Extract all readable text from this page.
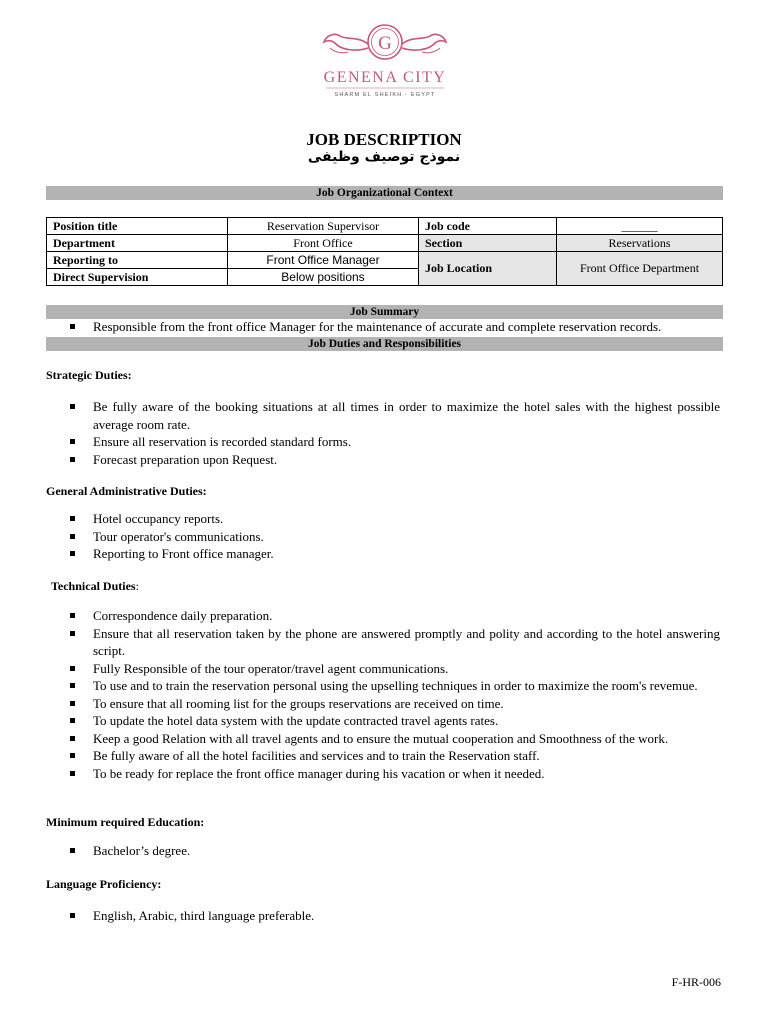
G
GENENA CITY
SHARM EL SHEIKH - EGYPT
JOB DESCRIPTION
نموذج توصيف وظيفى
Job Organizational Context
Position title	Reservation Supervisor	Job code	______
Department	Front Office	Section	Reservations
Reporting to	Front Office Manager	Job Location	Front Office Department
Direct Supervision	Below positions		
Job Summary
Responsible from the front office Manager for the maintenance of accurate and complete reservation records.
Job Duties and Responsibilities
Strategic Duties:
Be fully aware of the booking situations at all times in order to maximize the hotel sales with the highest possible average room rate.
Ensure all reservation is recorded standard forms.
Forecast preparation upon Request.
General Administrative Duties:
Hotel occupancy reports.
Tour operator's communications.
Reporting to Front office manager.
Technical Duties:
Correspondence daily preparation.
Ensure that all reservation taken by the phone are answered promptly and polity and according to the hotel answering script.
Fully Responsible of the tour operator/travel agent communications.
To use and to train the reservation personal using the upselling techniques in order to maximize the room's revemue.
To ensure that all rooming list for the groups reservations are received on time.
To update the hotel data system with the update contracted travel agents rates.
Keep a good Relation with all travel agents and to ensure the mutual cooperation and Smoothness of the work.
Be fully aware of all the hotel facilities and services and to train the Reservation staff.
To be ready for replace the front office manager during his vacation or when it needed.
Minimum required Education:
Bachelor’s degree.
Language Proficiency:
English, Arabic, third language preferable.
F-HR-006
